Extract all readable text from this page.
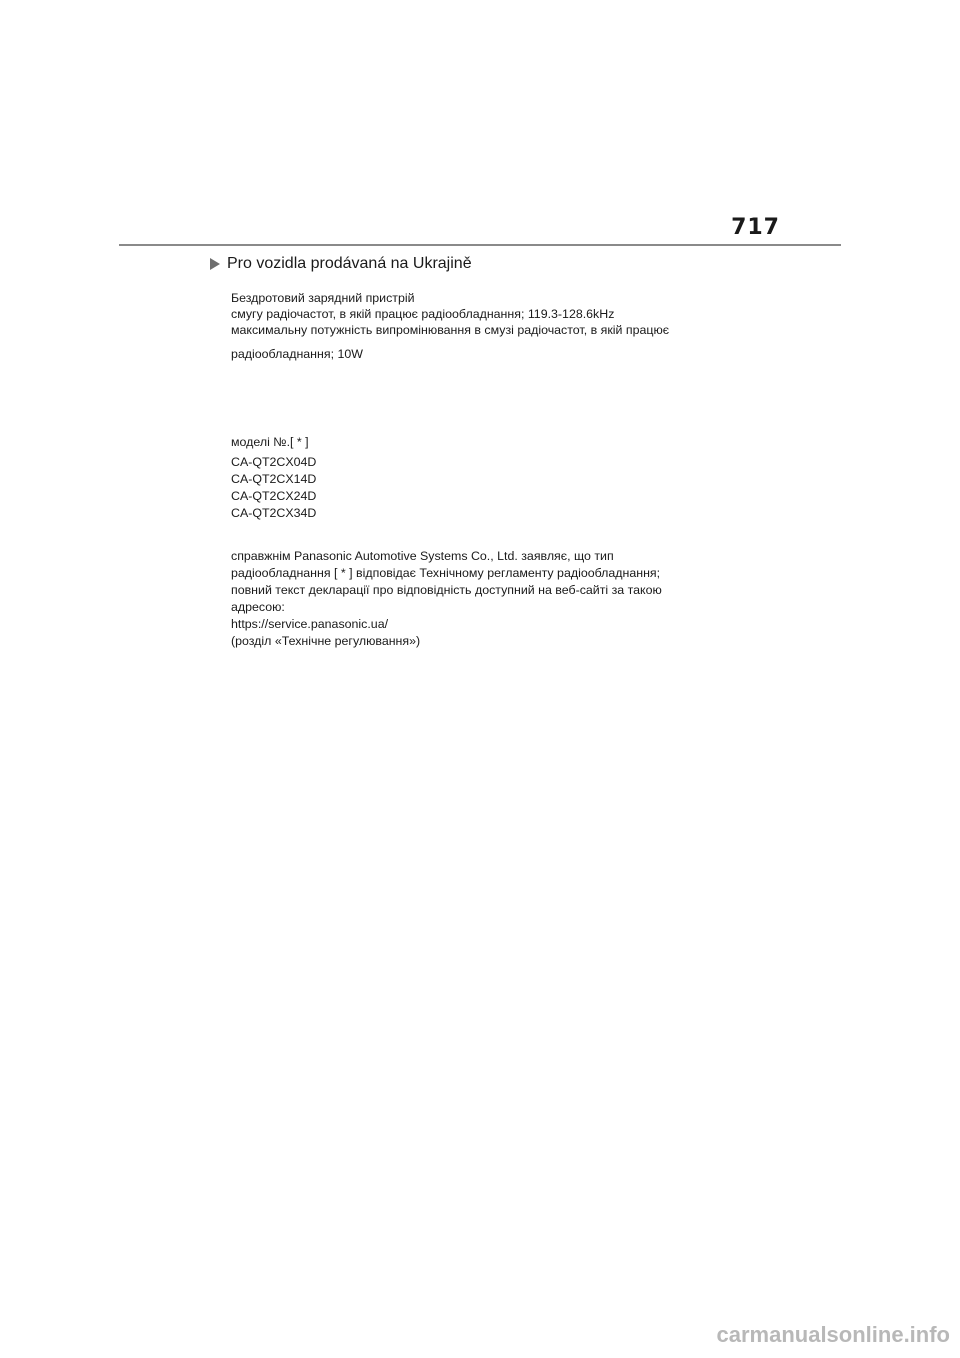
717
Pro vozidla prodávaná na Ukrajině
Бездротовий зарядний пристрій
смугу радіочастот, в якій працює радіообладнання; 119.3-128.6kHz
максимальну потужність випромінювання в смузі радіочастот, в якій працює
радіообладнання; 10W
моделі №.[ * ]
CA-QT2CX04D
CA-QT2CX14D
CA-QT2CX24D
CA-QT2CX34D
справжнім Panasonic Automotive Systems Co., Ltd. заявляє, що тип
радіообладнання [ * ] відповідає Технічному регламенту радіообладнання;
повний текст декларації про відповідність доступний на веб-сайті за такою
адресою:
https://service.panasonic.ua/
(розділ «Технічне регулювання»)
carmanualsonline.info
